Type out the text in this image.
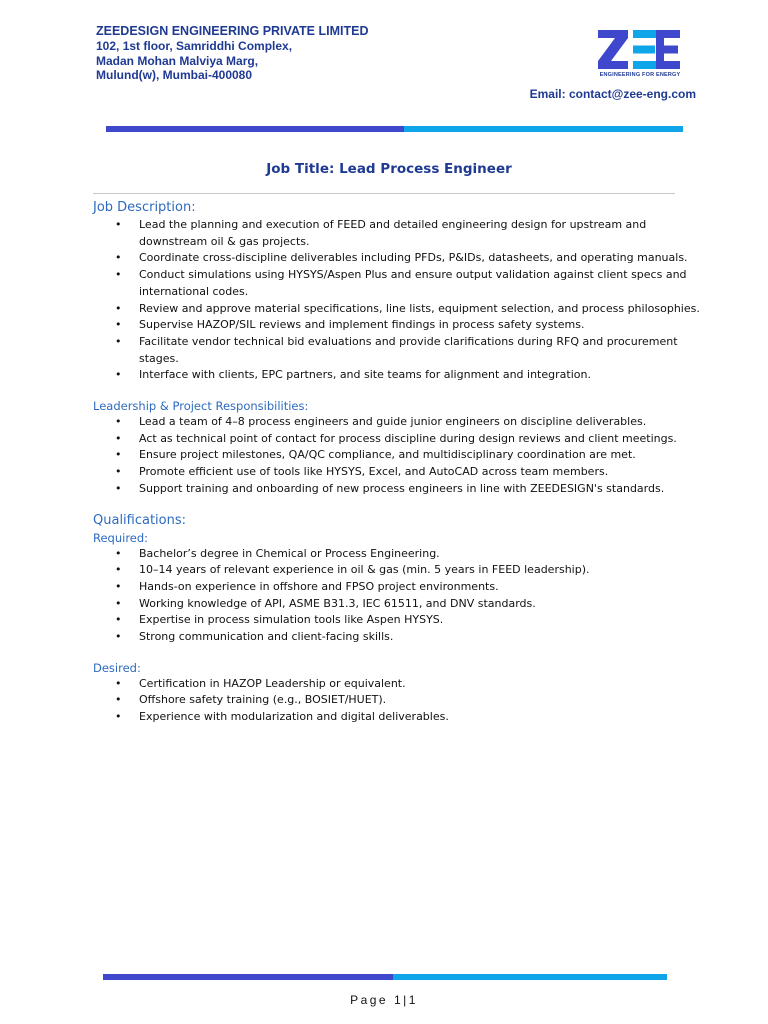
ZEEDESIGN ENGINEERING PRIVATE LIMITED
102, 1st floor, Samriddhi Complex,
Madan Mohan Malviya Marg,
Mulund(w), Mumbai-400080
ZEE
ENGINEERING FOR ENERGY
Email: contact@zee-eng.com
Job Title: Lead Process Engineer
Job Description:
• Lead the planning and execution of FEED and detailed engineering design for upstream and downstream oil & gas projects.
• Coordinate cross-discipline deliverables including PFDs, P&IDs, datasheets, and operating manuals.
• Conduct simulations using HYSYS/Aspen Plus and ensure output validation against client specs and international codes.
• Review and approve material specifications, line lists, equipment selection, and process philosophies.
• Supervise HAZOP/SIL reviews and implement findings in process safety systems.
• Facilitate vendor technical bid evaluations and provide clarifications during RFQ and procurement stages.
• Interface with clients, EPC partners, and site teams for alignment and integration.
Leadership & Project Responsibilities:
• Lead a team of 4–8 process engineers and guide junior engineers on discipline deliverables.
• Act as technical point of contact for process discipline during design reviews and client meetings.
• Ensure project milestones, QA/QC compliance, and multidisciplinary coordination are met.
• Promote efficient use of tools like HYSYS, Excel, and AutoCAD across team members.
• Support training and onboarding of new process engineers in line with ZEEDESIGN's standards.
Qualifications:
Required:
• Bachelor’s degree in Chemical or Process Engineering.
• 10–14 years of relevant experience in oil & gas (min. 5 years in FEED leadership).
• Hands-on experience in offshore and FPSO project environments.
• Working knowledge of API, ASME B31.3, IEC 61511, and DNV standards.
• Expertise in process simulation tools like Aspen HYSYS.
• Strong communication and client-facing skills.
Desired:
• Certification in HAZOP Leadership or equivalent.
• Offshore safety training (e.g., BOSIET/HUET).
• Experience with modularization and digital deliverables.
Page 1|1
